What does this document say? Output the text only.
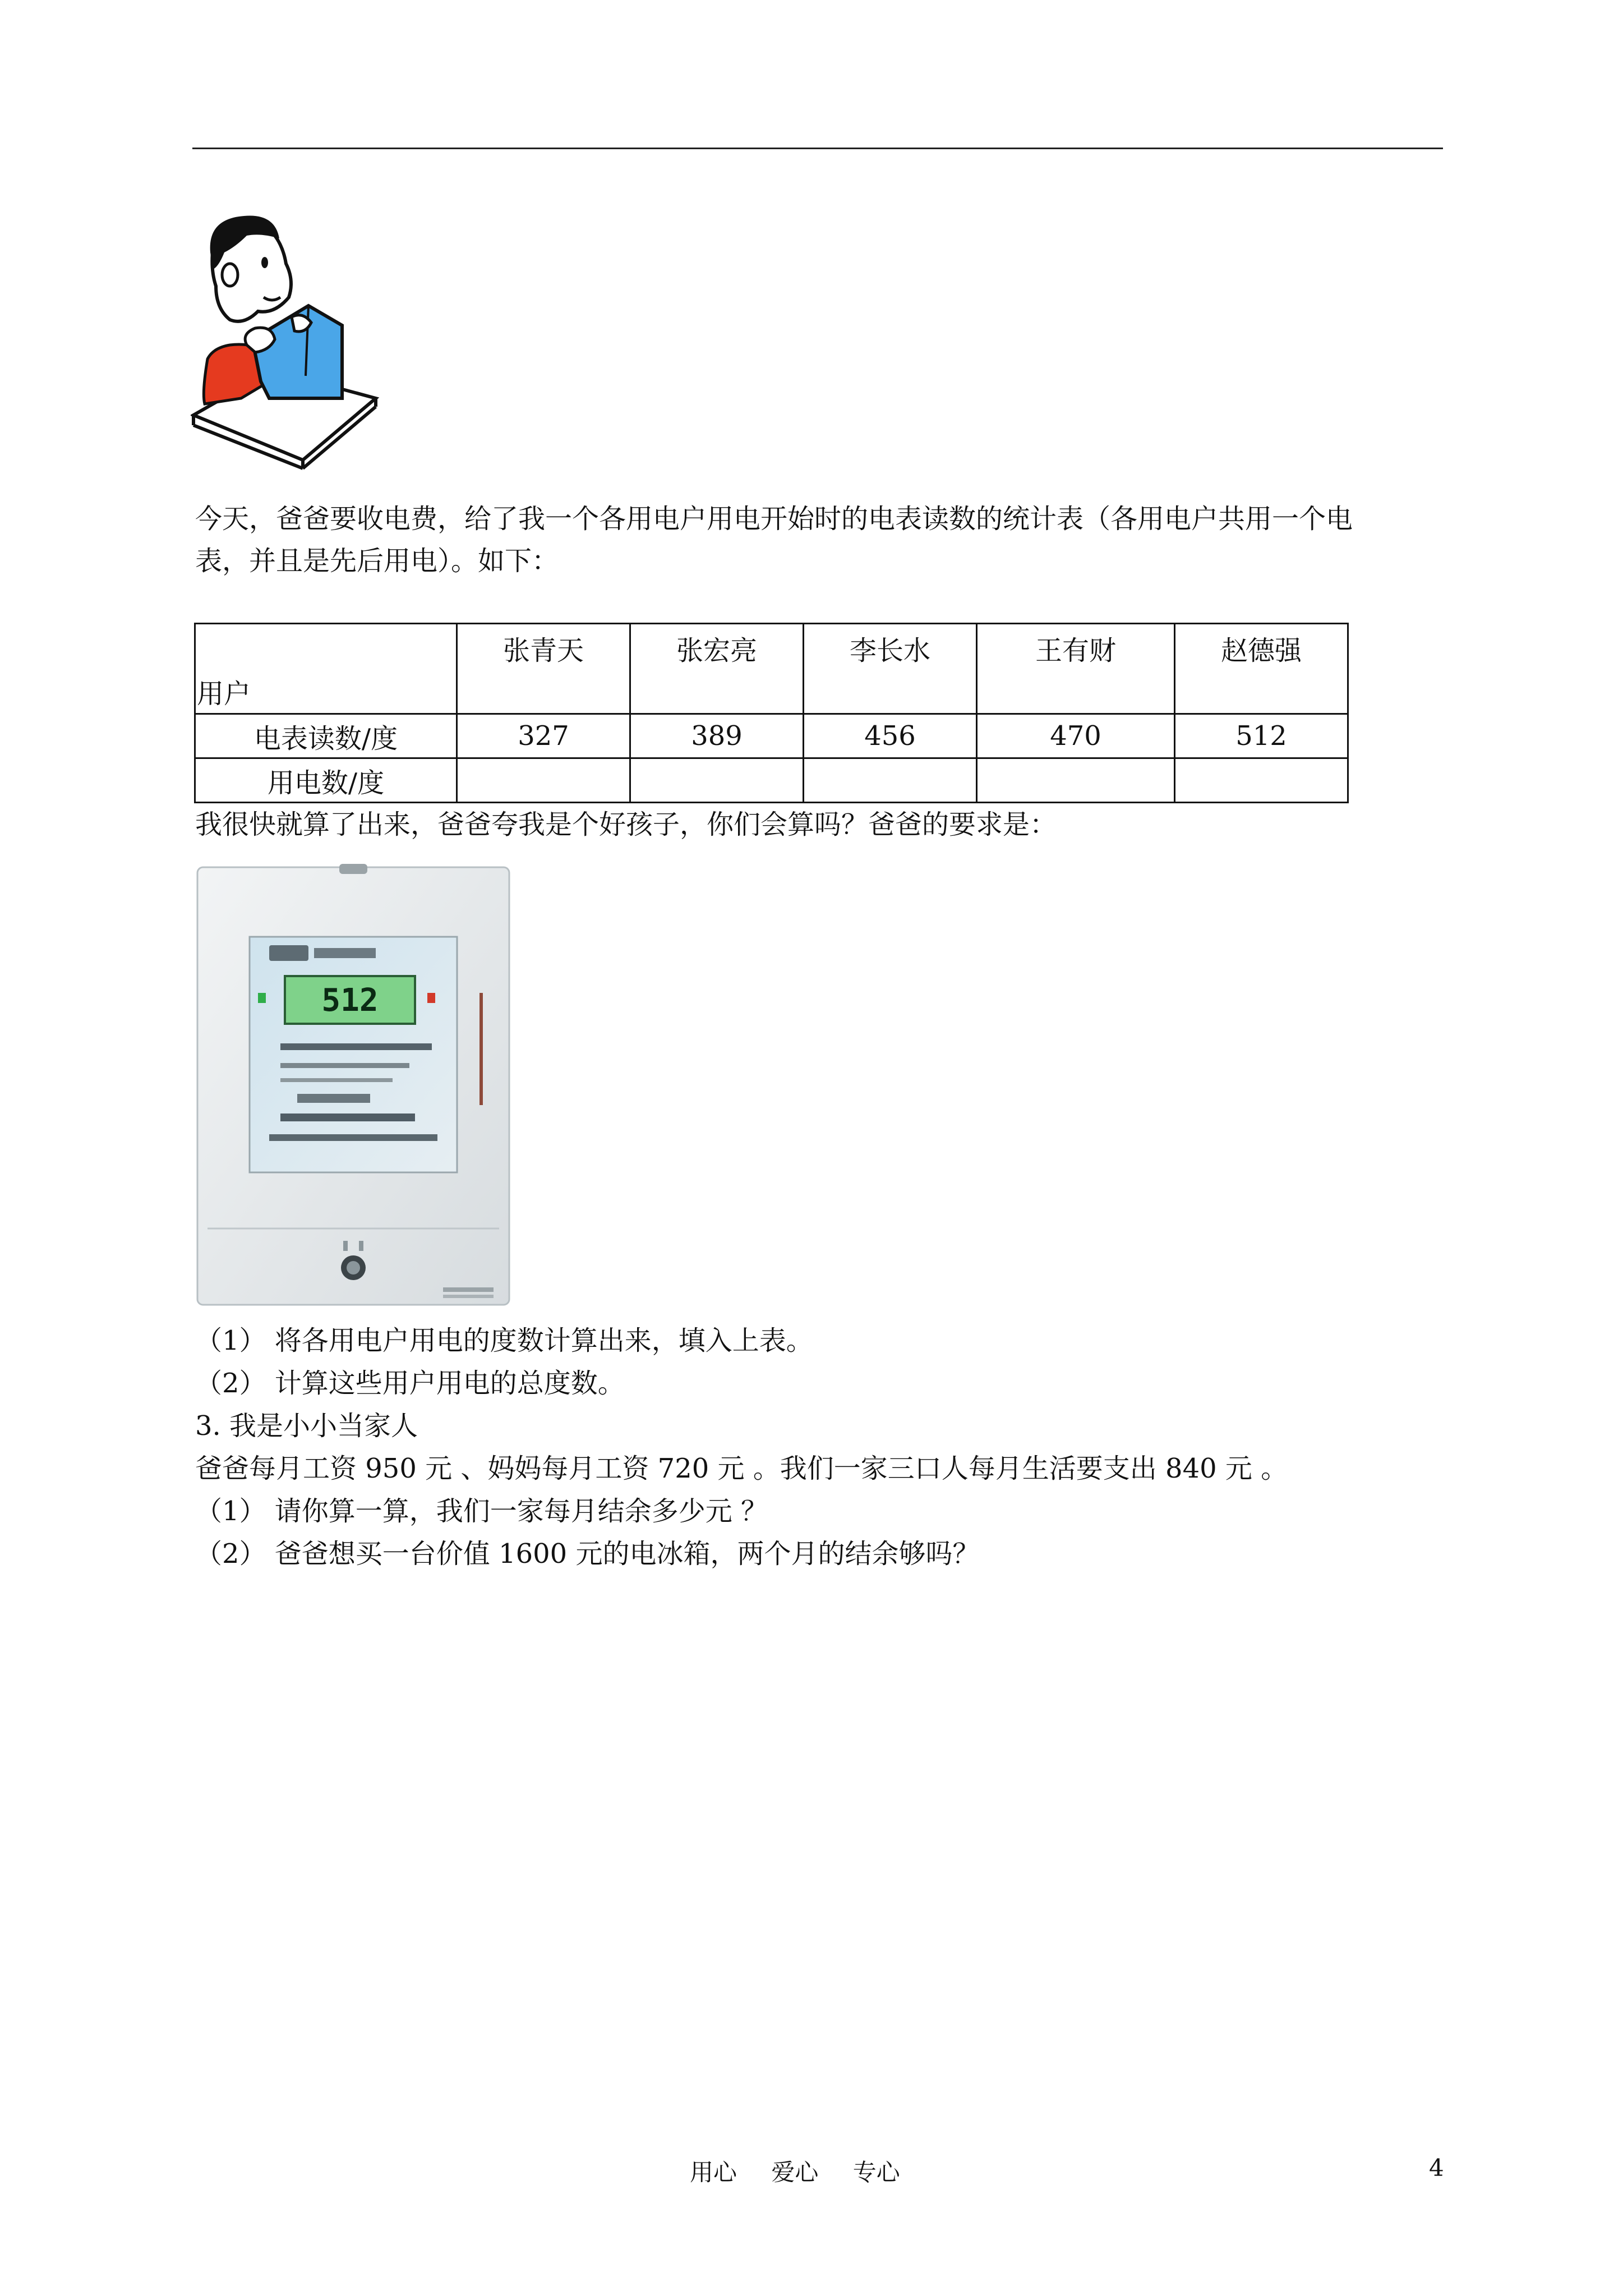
今天，爸爸要收电费，给了我一个各用电户用电开始时的电表读数的统计表（各用电户共用一个电
表，并且是先后用电）。如下：
用户	张青天	张宏亮	李长水	王有财	赵德强
电表读数/度	327	389	456	470	512
用电数/度					
我很快就算了出来，爸爸夸我是个好孩子，你们会算吗？爸爸的要求是：
512
（1） 将各用电户用电的度数计算出来，填入上表。
（2） 计算这些用户用电的总度数。
3. 我是小小当家人
爸爸每月工资 950 元 、妈妈每月工资 720 元 。我们一家三口人每月生活要支出 840 元 。
（1） 请你算一算，我们一家每月结余多少元 ？
（2） 爸爸想买一台价值 1600 元的电冰箱，两个月的结余够吗？
用心 爱心 专心	4
